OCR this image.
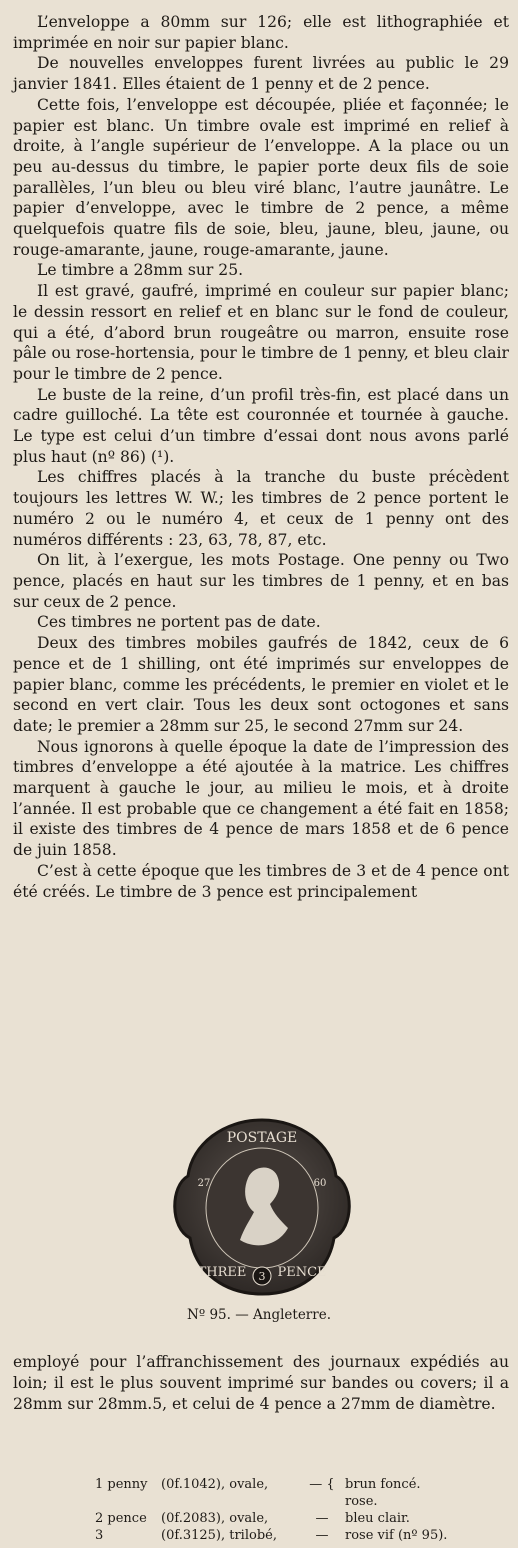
L’enveloppe a 80mm sur 126; elle est lithographiée et imprimée en noir sur papier blanc.

De nouvelles enveloppes furent livrées au public le 29 janvier 1841. Elles étaient de 1 penny et de 2 pence.

Cette fois, l’enveloppe est découpée, pliée et façonnée; le papier est blanc. Un timbre ovale est imprimé en relief à droite, à l’angle supérieur de l’enveloppe. A la place ou un peu au-dessus du timbre, le papier porte deux fils de soie parallèles, l’un bleu ou bleu viré blanc, l’autre jaunâtre. Le papier d’enveloppe, avec le timbre de 2 pence, a même quelquefois quatre fils de soie, bleu, jaune, bleu, jaune, ou rouge-amarante, jaune, rouge-amarante, jaune.

Le timbre a 28mm sur 25.

Il est gravé, gaufré, imprimé en couleur sur papier blanc; le dessin ressort en relief et en blanc sur le fond de couleur, qui a été, d’abord brun rougeâtre ou marron, ensuite rose pâle ou rose-hortensia, pour le timbre de 1 penny, et bleu clair pour le timbre de 2 pence.

Le buste de la reine, d’un profil très-fin, est placé dans un cadre guilloché. La tête est couronnée et tournée à gauche. Le type est celui d’un timbre d’essai dont nous avons parlé plus haut (nº 86) (¹).

Les chiffres placés à la tranche du buste précèdent toujours les lettres W. W.; les timbres de 2 pence portent le numéro 2 ou le numéro 4, et ceux de 1 penny ont des numéros différents : 23, 63, 78, 87, etc.

On lit, à l’exergue, les mots Postage. One penny ou Two pence, placés en haut sur les timbres de 1 penny, et en bas sur ceux de 2 pence.

Ces timbres ne portent pas de date.

Deux des timbres mobiles gaufrés de 1842, ceux de 6 pence et de 1 shilling, ont été imprimés sur enveloppes de papier blanc, comme les précédents, le premier en violet et le second en vert clair. Tous les deux sont octogones et sans date; le premier a 28mm sur 25, le second 27mm sur 24.

Nous ignorons à quelle époque la date de l’impression des timbres d’enveloppe a été ajoutée à la matrice. Les chiffres marquent à gauche le jour, au milieu le mois, et à droite l’année. Il est probable que ce changement a été fait en 1858; il existe des timbres de 4 pence de mars 1858 et de 6 pence de juin 1858.

C’est à cette époque que les timbres de 3 et de 4 pence ont été créés. Le timbre de 3 pence est principalement

POSTAGE
27	60
THREE PENCE
3
Nº 95. — Angleterre.
employé pour l’affranchissement des journaux expédiés au loin; il est le plus souvent imprimé sur bandes ou covers; il a 28mm sur 28mm.5, et celui de 4 pence a 27mm de diamètre.
1 penny	(0f.1042), ovale,	— { brun foncé.
rose.
2 pence	(0f.2083), ovale,	—	bleu clair.
3	(0f.3125), trilobé,	—	rose vif (nº 95).
